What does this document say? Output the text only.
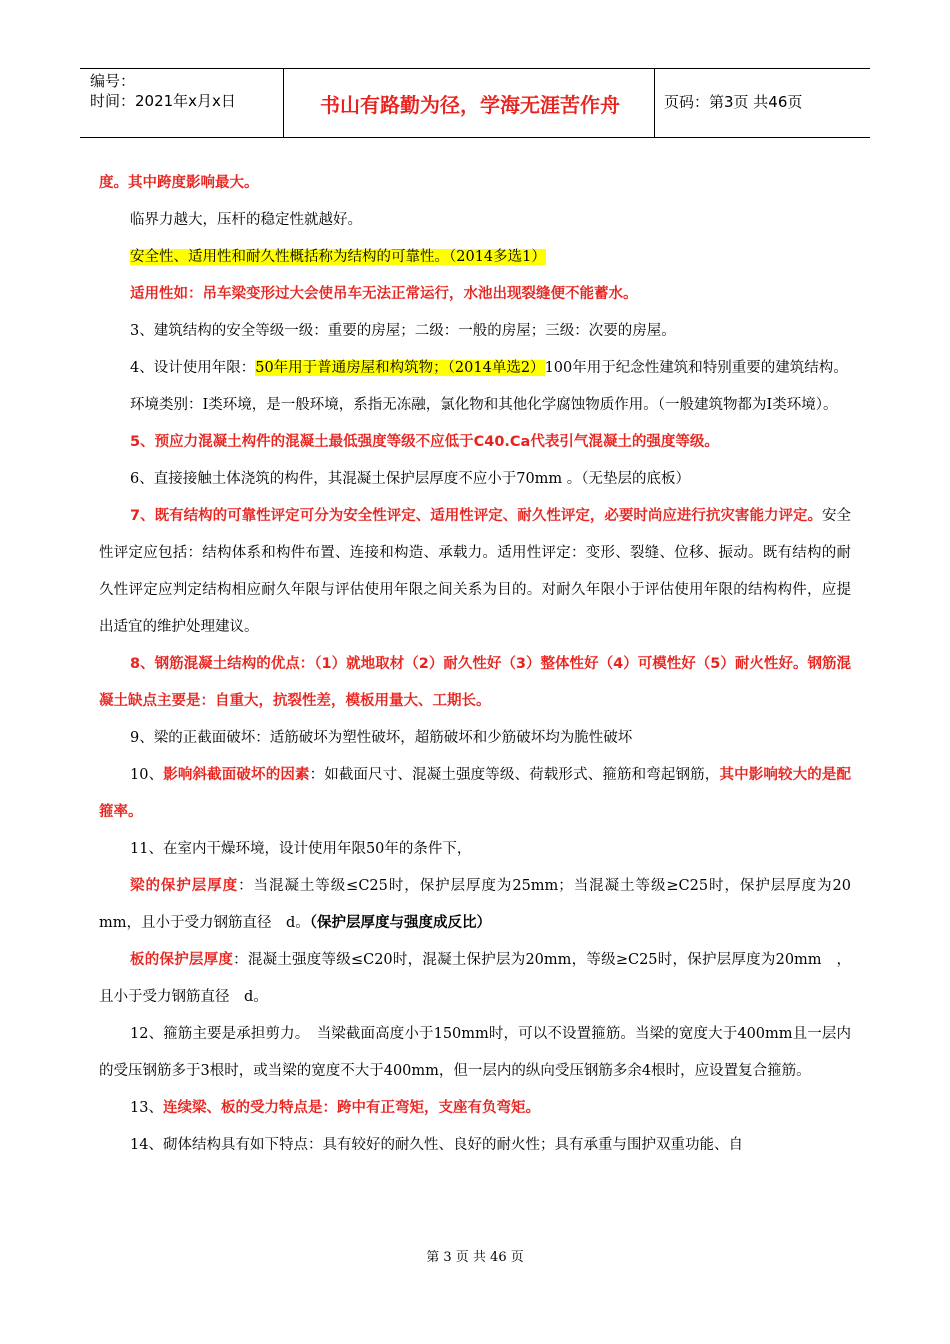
编号：
时间：2021年x月x日	书山有路勤为径，学海无涯苦作舟	页码：第3页 共46页
度。其中跨度影响最大。
临界力越大，压杆的稳定性就越好。
安全性、适用性和耐久性概括称为结构的可靠性。（2014多选1）
适用性如：吊车梁变形过大会使吊车无法正常运行，水池出现裂缝便不能蓄水。
3、建筑结构的安全等级一级：重要的房屋；二级：一般的房屋；三级：次要的房屋。
4、设计使用年限：50年用于普通房屋和构筑物；（2014单选2）100年用于纪念性建筑和特别重要的建筑结构。
环境类别：I类环境，是一般环境，系指无冻融，氯化物和其他化学腐蚀物质作用。（一般建筑物都为I类环境）。
5、预应力混凝土构件的混凝土最低强度等级不应低于C40.Ca代表引气混凝土的强度等级。
6、直接接触土体浇筑的构件，其混凝土保护层厚度不应小于70mm 。（无垫层的底板）
7、既有结构的可靠性评定可分为安全性评定、适用性评定、耐久性评定，必要时尚应进行抗灾害能力评定。安全性评定应包括：结构体系和构件布置、连接和构造、承载力。适用性评定：变形、裂缝、位移、振动。既有结构的耐久性评定应判定结构相应耐久年限与评估使用年限之间关系为目的。对耐久年限小于评估使用年限的结构构件，应提出适宜的维护处理建议。
8、钢筋混凝土结构的优点：（1）就地取材（2）耐久性好（3）整体性好（4）可模性好（5）耐火性好。钢筋混凝土缺点主要是：自重大，抗裂性差，模板用量大、工期长。
9、梁的正截面破坏：适筋破坏为塑性破坏，超筋破坏和少筋破坏均为脆性破坏
10、影响斜截面破坏的因素：如截面尺寸、混凝土强度等级、荷载形式、箍筋和弯起钢筋，其中影响较大的是配箍率。
11、在室内干燥环境，设计使用年限50年的条件下，
梁的保护层厚度：当混凝土等级≤C25时，保护层厚度为25mm；当混凝土等级≥C25时，保护层厚度为20　mm，且小于受力钢筋直径　d。（保护层厚度与强度成反比）
板的保护层厚度：混凝土强度等级≤C20时，混凝土保护层为20mm，等级≥C25时，保护层厚度为20mm　，且小于受力钢筋直径　d。
12、箍筋主要是承担剪力。　当梁截面高度小于150mm时，可以不设置箍筋。当梁的宽度大于400mm且一层内的受压钢筋多于3根时，或当梁的宽度不大于400mm，但一层内的纵向受压钢筋多余4根时，应设置复合箍筋。
13、连续梁、板的受力特点是：跨中有正弯矩，支座有负弯矩。
14、砌体结构具有如下特点：具有较好的耐久性、良好的耐火性；具有承重与围护双重功能、自
第 3 页 共 46 页
